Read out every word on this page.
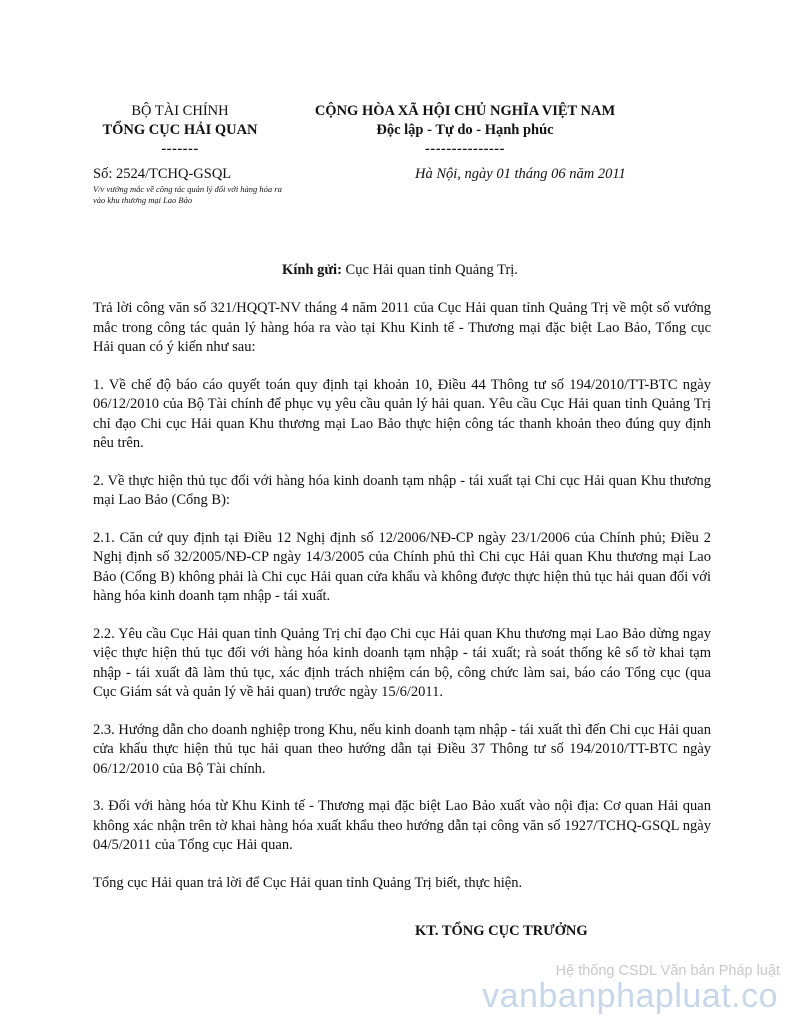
BỘ TÀI CHÍNH
TỔNG CỤC HẢI QUAN
-------
CỘNG HÒA XÃ HỘI CHỦ NGHĨA VIỆT NAM
Độc lập - Tự do - Hạnh phúc
---------------
Số: 2524/TCHQ-GSQL
V/v vướng mắc về công tác quản lý đối với hàng hóa ra vào khu thương mại Lao Bảo
Hà Nội, ngày 01 tháng 06 năm 2011
Kính gửi: Cục Hải quan tỉnh Quảng Trị.

Trả lời công văn số 321/HQQT-NV tháng 4 năm 2011 của Cục Hải quan tỉnh Quảng Trị về một số vướng mắc trong công tác quản lý hàng hóa ra vào tại Khu Kinh tế - Thương mại đặc biệt Lao Bảo, Tổng cục Hải quan có ý kiến như sau:

1. Về chế độ báo cáo quyết toán quy định tại khoản 10, Điều 44 Thông tư số 194/2010/TT-BTC ngày 06/12/2010 của Bộ Tài chính để phục vụ yêu cầu quản lý hải quan. Yêu cầu Cục Hải quan tỉnh Quảng Trị chỉ đạo Chi cục Hải quan Khu thương mại Lao Bảo thực hiện công tác thanh khoản theo đúng quy định nêu trên.

2. Về thực hiện thủ tục đối với hàng hóa kinh doanh tạm nhập - tái xuất tại Chi cục Hải quan Khu thương mại Lao Bảo (Cổng B):

2.1. Căn cứ quy định tại Điều 12 Nghị định số 12/2006/NĐ-CP ngày 23/1/2006 của Chính phủ; Điều 2 Nghị định số 32/2005/NĐ-CP ngày 14/3/2005 của Chính phủ thì Chi cục Hải quan Khu thương mại Lao Bảo (Cổng B) không phải là Chi cục Hải quan cửa khẩu và không được thực hiện thủ tục hải quan đối với hàng hóa kinh doanh tạm nhập - tái xuất.

2.2. Yêu cầu Cục Hải quan tỉnh Quảng Trị chỉ đạo Chi cục Hải quan Khu thương mại Lao Bảo dừng ngay việc thực hiện thủ tục đối với hàng hóa kinh doanh tạm nhập - tái xuất; rà soát thống kê số tờ khai tạm nhập - tái xuất đã làm thủ tục, xác định trách nhiệm cán bộ, công chức làm sai, báo cáo Tổng cục (qua Cục Giám sát và quản lý về hải quan) trước ngày 15/6/2011.

2.3. Hướng dẫn cho doanh nghiệp trong Khu, nếu kinh doanh tạm nhập - tái xuất thì đến Chi cục Hải quan cửa khẩu thực hiện thủ tục hải quan theo hướng dẫn tại Điều 37 Thông tư số 194/2010/TT-BTC ngày 06/12/2010 của Bộ Tài chính.

3. Đối với hàng hóa từ Khu Kinh tế - Thương mại đặc biệt Lao Bảo xuất vào nội địa: Cơ quan Hải quan không xác nhận trên tờ khai hàng hóa xuất khẩu theo hướng dẫn tại công văn số 1927/TCHQ-GSQL ngày 04/5/2011 của Tổng cục Hải quan.

Tổng cục Hải quan trả lời để Cục Hải quan tỉnh Quảng Trị biết, thực hiện.

KT. TỔNG CỤC TRƯỞNG
Hệ thống CSDL Văn bản Pháp luật
vanbanphapluat.co
